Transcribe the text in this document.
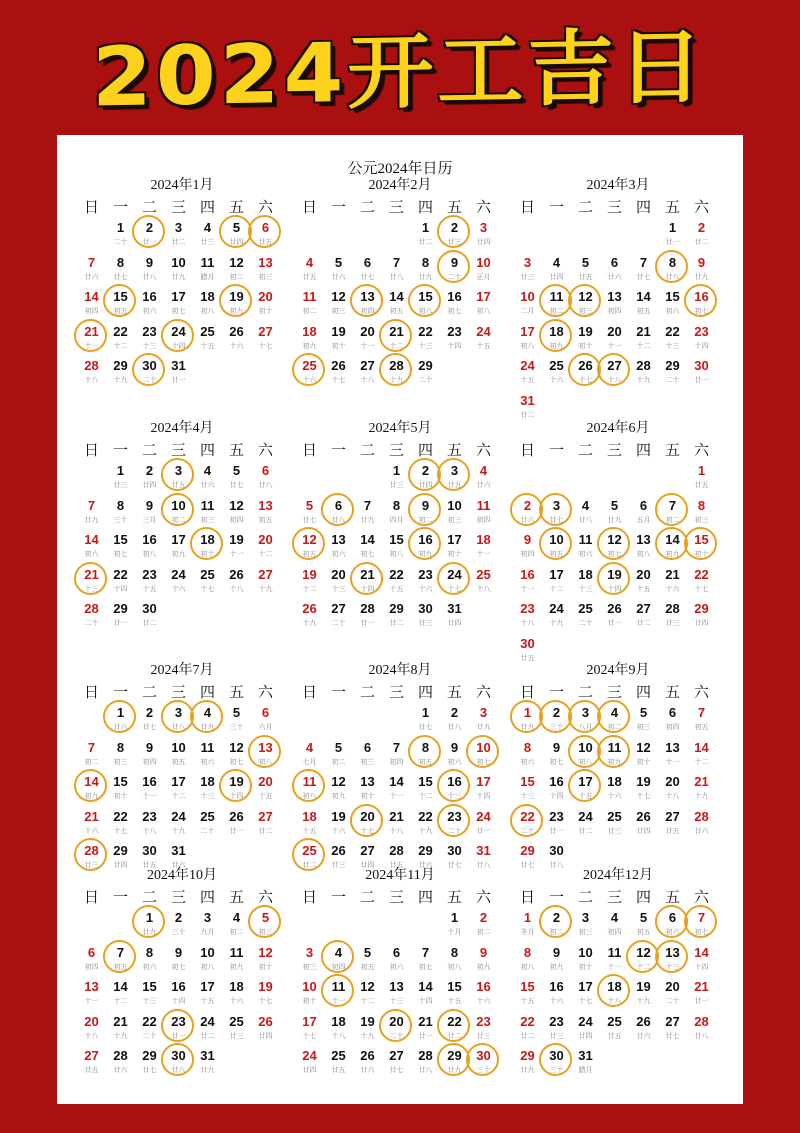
2024开工吉日
公元2024年日历
2024年1月
日 一 二 三 四 五 六
1
二十
2
廿一
3
廿二
4
廿三
5
廿四
6
廿五
7
廿六
8
廿七
9
廿八
10
廿九
11
腊月
12
初二
13
初三
14
初四
15
初五
16
初六
17
初七
18
初八
19
初九
20
初十
21
十一
22
十二
23
十三
24
十四
25
十五
26
十六
27
十七
28
十八
29
十九
30
二十
31
廿一
2024年2月
日 一 二 三 四 五 六
1
廿二
2
廿三
3
廿四
4
廿五
5
廿六
6
廿七
7
廿八
8
廿九
9
二十
10
正月
11
初二
12
初三
13
初四
14
初五
15
初六
16
初七
17
初八
18
初九
19
初十
20
十一
21
十二
22
十三
23
十四
24
十五
25
十六
26
十七
27
十八
28
十九
29
二十
2024年3月
日 一 二 三 四 五 六
1
廿一
2
廿二
3
廿三
4
廿四
5
廿五
6
廿六
7
廿七
8
廿八
9
廿九
10
二月
11
初二
12
初三
13
初四
14
初五
15
初六
16
初七
17
初八
18
初九
19
初十
20
十一
21
十二
22
十三
23
十四
24
十五
25
十六
26
十七
27
十八
28
十九
29
二十
30
廿一
31
廿二
2024年4月
日 一 二 三 四 五 六
1
廿三
2
廿四
3
廿五
4
廿六
5
廿七
6
廿八
7
廿九
8
三十
9
三月
10
初二
11
初三
12
初四
13
初五
14
初六
15
初七
16
初八
17
初九
18
初十
19
十一
20
十二
21
十三
22
十四
23
十五
24
十六
25
十七
26
十八
27
十九
28
二十
29
廿一
30
廿二
2024年5月
日 一 二 三 四 五 六
1
廿三
2
廿四
3
廿五
4
廿六
5
廿七
6
廿八
7
廿九
8
四月
9
初二
10
初三
11
初四
12
初五
13
初六
14
初七
15
初八
16
初九
17
初十
18
十一
19
十二
20
十三
21
十四
22
十五
23
十六
24
十七
25
十八
26
十九
27
二十
28
廿一
29
廿二
30
廿三
31
廿四
2024年6月
日 一 二 三 四 五 六
1
廿五
2
廿六
3
廿七
4
廿八
5
廿九
6
五月
7
初二
8
初三
9
初四
10
初五
11
初六
12
初七
13
初八
14
初九
15
初十
16
十一
17
十二
18
十三
19
十四
20
十五
21
十六
22
十七
23
十八
24
十九
25
二十
26
廿一
27
廿二
28
廿三
29
廿四
30
廿五
2024年7月
日 一 二 三 四 五 六
1
廿六
2
廿七
3
廿八
4
廿九
5
三十
6
六月
7
初二
8
初三
9
初四
10
初五
11
初六
12
初七
13
初八
14
初九
15
初十
16
十一
17
十二
18
十三
19
十四
20
十五
21
十六
22
十七
23
十八
24
十九
25
二十
26
廿一
27
廿二
28
廿三
29
廿四
30
廿五
31
廿六
2024年8月
日 一 二 三 四 五 六
1
廿七
2
廿八
3
廿九
4
七月
5
初二
6
初三
7
初四
8
初五
9
初六
10
初七
11
初八
12
初九
13
初十
14
十一
15
十二
16
十三
17
十四
18
十五
19
十六
20
十七
21
十八
22
十九
23
二十
24
廿一
25
廿二
26
廿三
27
廿四
28
廿五
29
廿六
30
廿七
31
廿八
2024年9月
日 一 二 三 四 五 六
1
廿九
2
三十
3
八月
4
初二
5
初三
6
初四
7
初五
8
初六
9
初七
10
初八
11
初九
12
初十
13
十一
14
十二
15
十三
16
十四
17
十五
18
十六
19
十七
20
十八
21
十九
22
二十
23
廿一
24
廿二
25
廿三
26
廿四
27
廿五
28
廿六
29
廿七
30
廿八
2024年10月
日 一 二 三 四 五 六
1
廿九
2
三十
3
九月
4
初二
5
初三
6
初四
7
初五
8
初六
9
初七
10
初八
11
初九
12
初十
13
十一
14
十二
15
十三
16
十四
17
十五
18
十六
19
十七
20
十八
21
十九
22
二十
23
廿一
24
廿二
25
廿三
26
廿四
27
廿五
28
廿六
29
廿七
30
廿八
31
廿九
2024年11月
日 一 二 三 四 五 六
1
十月
2
初二
3
初三
4
初四
5
初五
6
初六
7
初七
8
初八
9
初九
10
初十
11
十一
12
十二
13
十三
14
十四
15
十五
16
十六
17
十七
18
十八
19
十九
20
二十
21
廿一
22
廿二
23
廿三
24
廿四
25
廿五
26
廿六
27
廿七
28
廿八
29
廿九
30
三十
2024年12月
日 一 二 三 四 五 六
1
冬月
2
初二
3
初三
4
初四
5
初五
6
初六
7
初七
8
初八
9
初九
10
初十
11
十一
12
十二
13
十三
14
十四
15
十五
16
十六
17
十七
18
十八
19
十九
20
二十
21
廿一
22
廿二
23
廿三
24
廿四
25
廿五
26
廿六
27
廿七
28
廿八
29
廿九
30
三十
31
腊月
